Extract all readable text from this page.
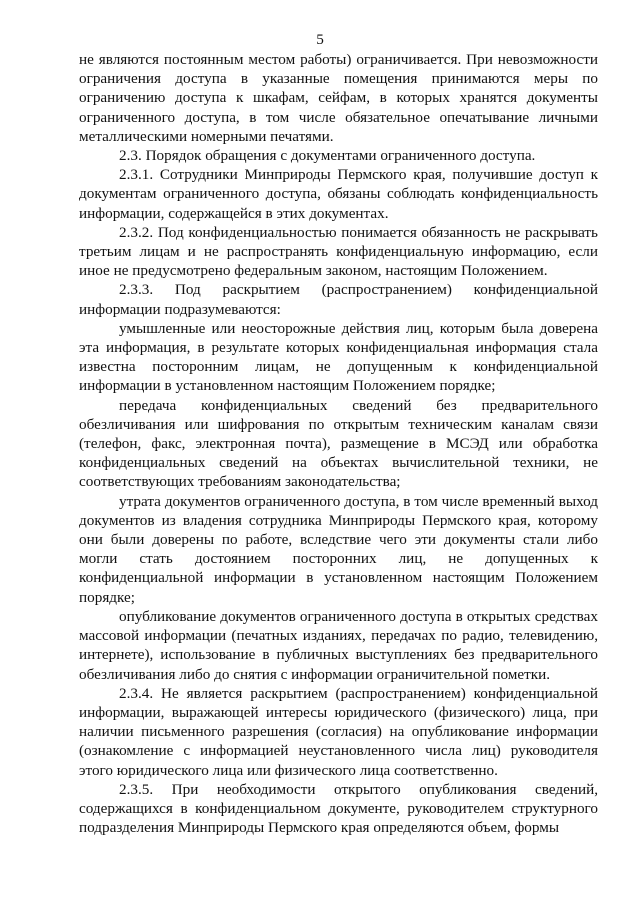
5

не являются постоянным местом работы) ограничивается. При невозможности ограничения доступа в указанные помещения принимаются меры по ограничению доступа к шкафам, сейфам, в которых хранятся документы ограниченного доступа, в том числе обязательное опечатывание личными металлическими номерными печатями.

2.3. Порядок обращения с документами ограниченного доступа.

2.3.1. Сотрудники Минприроды Пермского края, получившие доступ к документам ограниченного доступа, обязаны соблюдать конфиденциальность информации, содержащейся в этих документах.

2.3.2. Под конфиденциальностью понимается обязанность не раскрывать третьим лицам и не распространять конфиденциальную информацию, если иное не предусмотрено федеральным законом, настоящим Положением.

2.3.3. Под раскрытием (распространением) конфиденциальной информации подразумеваются:

умышленные или неосторожные действия лиц, которым была доверена эта информация, в результате которых конфиденциальная информация стала известна посторонним лицам, не допущенным к конфиденциальной информации в установленном настоящим Положением порядке;

передача конфиденциальных сведений без предварительного обезличивания или шифрования по открытым техническим каналам связи (телефон, факс, электронная почта), размещение в МСЭД или обработка конфиденциальных сведений на объектах вычислительной техники, не соответствующих требованиям законодательства;

утрата документов ограниченного доступа, в том числе временный выход документов из владения сотрудника Минприроды Пермского края, которому они были доверены по работе, вследствие чего эти документы стали либо могли стать достоянием посторонних лиц, не допущенных к конфиденциальной информации в установленном настоящим Положением порядке;

опубликование документов ограниченного доступа в открытых средствах массовой информации (печатных изданиях, передачах по радио, телевидению, интернете), использование в публичных выступлениях без предварительного обезличивания либо до снятия с информации ограничительной пометки.

2.3.4. Не является раскрытием (распространением) конфиденциальной информации, выражающей интересы юридического (физического) лица, при наличии письменного разрешения (согласия) на опубликование информации (ознакомление с информацией неустановленного числа лиц) руководителя этого юридического лица или физического лица соответственно.

2.3.5. При необходимости открытого опубликования сведений, содержащихся в конфиденциальном документе, руководителем структурного подразделения Минприроды Пермского края определяются объем, формы
